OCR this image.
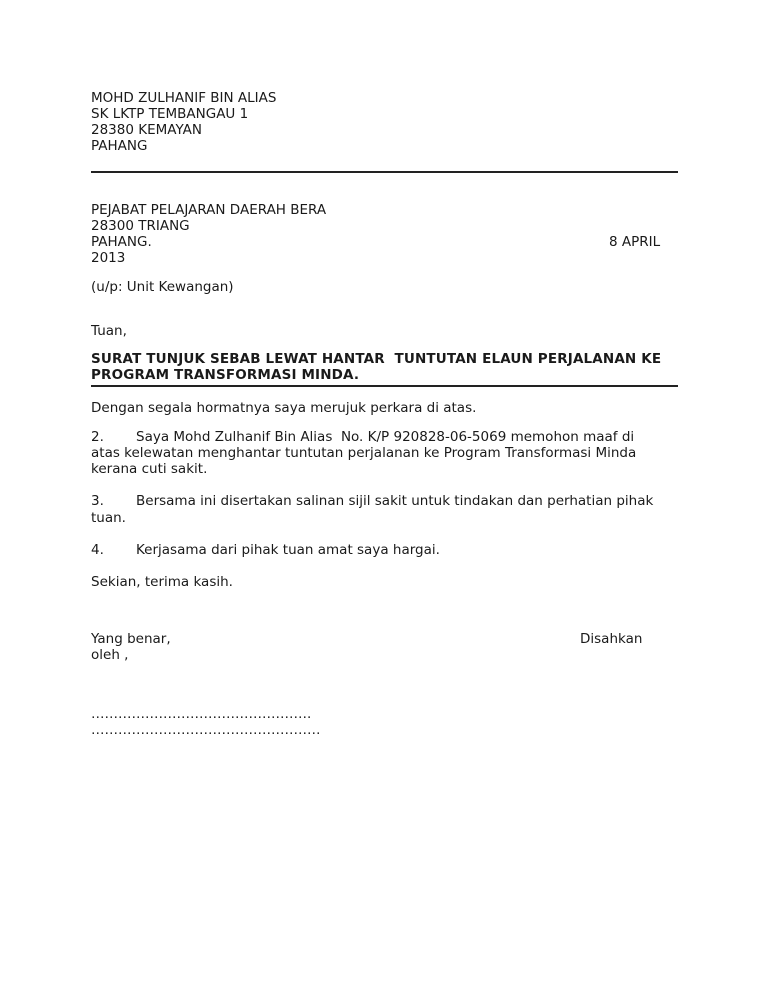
MOHD ZULHANIF BIN ALIAS
SK LKTP TEMBANGAU 1
28380 KEMAYAN
PAHANG
PEJABAT PELAJARAN DAERAH BERA
28300 TRIANG
PAHANG.	8 APRIL
2013
(u/p: Unit Kewangan)
Tuan,
SURAT TUNJUK SEBAB LEWAT HANTAR  TUNTUTAN ELAUN PERJALANAN KE
PROGRAM TRANSFORMASI MINDA.
Dengan segala hormatnya saya merujuk perkara di atas.
2. Saya Mohd Zulhanif Bin Alias  No. K/P 920828-06-5069 memohon maaf di
atas kelewatan menghantar tuntutan perjalanan ke Program Transformasi Minda
kerana cuti sakit.
3. Bersama ini disertakan salinan sijil sakit untuk tindakan dan perhatian pihak
tuan.
4. Kerjasama dari pihak tuan amat saya hargai.
Sekian, terima kasih.
Yang benar,	Disahkan
oleh ,
………………………………………….
……………………………………………
